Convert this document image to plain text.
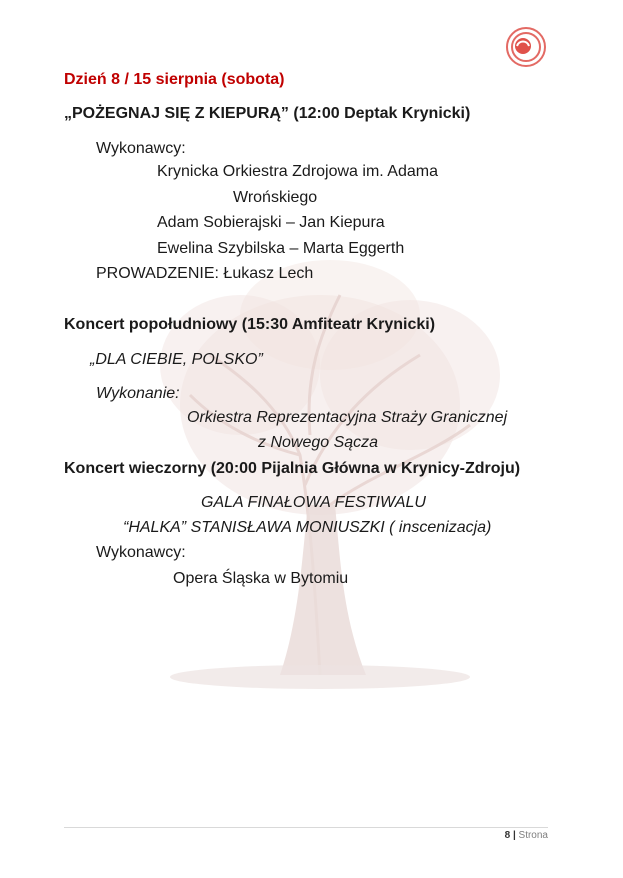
Dzień 8 / 15 sierpnia (sobota)
„POŻEGNAJ SIĘ Z KIEPURĄ” (12:00 Deptak Krynicki)
Wykonawcy:
Krynicka Orkiestra Zdrojowa im. Adama
Wrońskiego
Adam Sobierajski – Jan Kiepura
Ewelina Szybilska – Marta Eggerth
PROWADZENIE: Łukasz Lech
Koncert popołudniowy (15:30 Amfiteatr Krynicki)
„DLA CIEBIE, POLSKO”
Wykonanie:
Orkiestra Reprezentacyjna Straży Granicznej
z Nowego Sącza
Koncert wieczorny (20:00 Pijalnia Główna w Krynicy-Zdroju)
GALA FINAŁOWA FESTIWALU
“HALKA” STANISŁAWA MONIUSZKI ( inscenizacja)
Wykonawcy:
Opera Śląska w Bytomiu
8 | Strona
